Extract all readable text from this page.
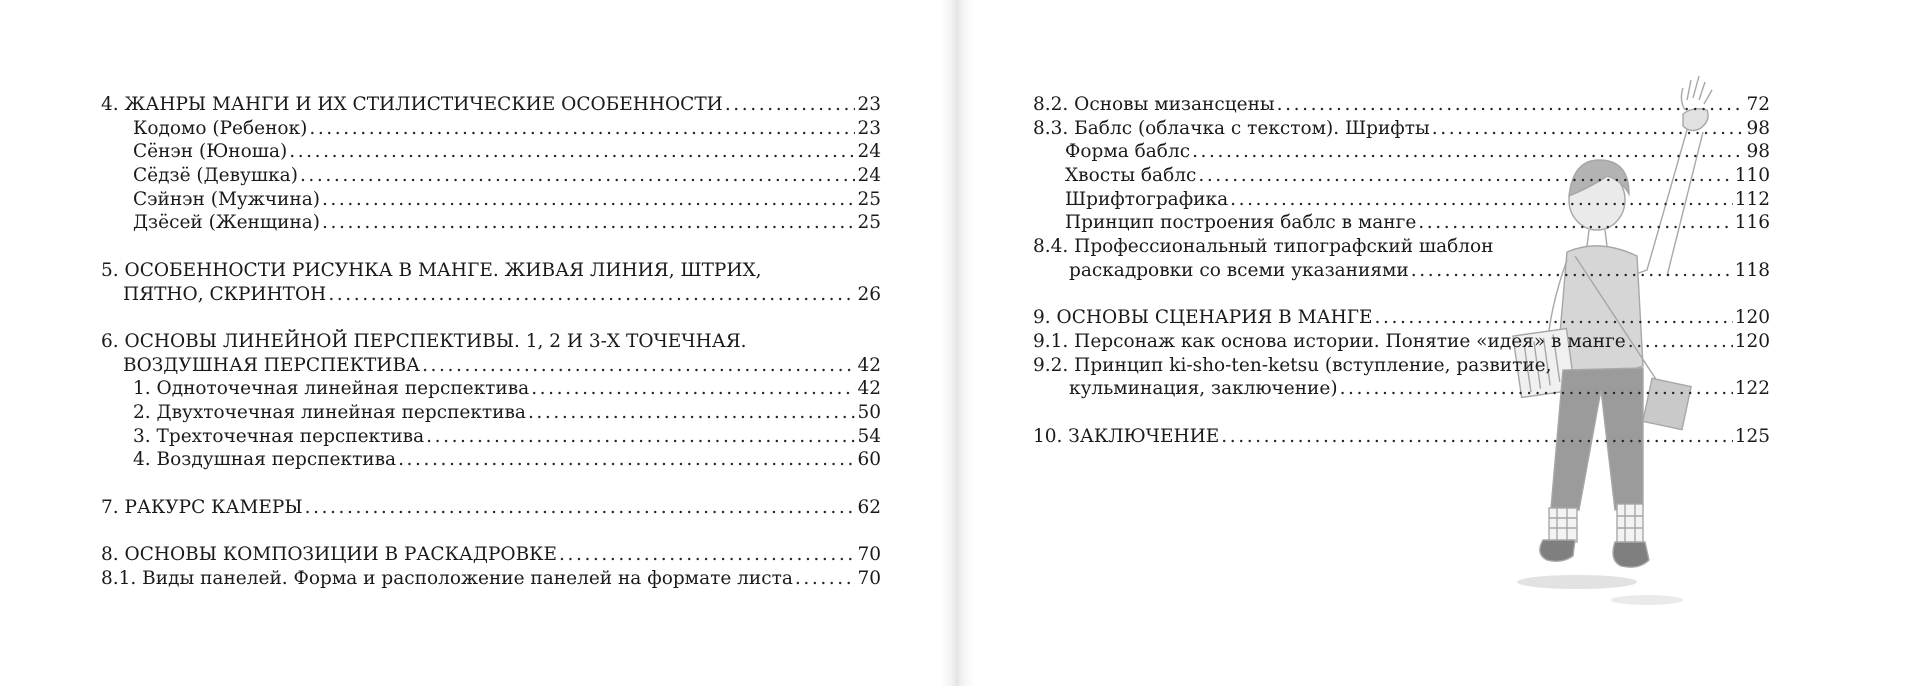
4. ЖАНРЫ МАНГИ И ИХ СТИЛИСТИЧЕСКИЕ ОСОБЕННОСТИ .....	23
Кодомо (Ребенок) .....	23
Сёнэн (Юноша) .....	24
Сёдзё (Девушка) .....	24
Сэйнэн (Мужчина) .....	25
Дзёсей (Женщина) .....	25
5. ОСОБЕННОСТИ РИСУНКА В МАНГЕ. ЖИВАЯ ЛИНИЯ, ШТРИХ,
ПЯТНО, СКРИНТОН .....	26
6. ОСНОВЫ ЛИНЕЙНОЙ ПЕРСПЕКТИВЫ. 1, 2 И 3-Х ТОЧЕЧНАЯ.
ВОЗДУШНАЯ ПЕРСПЕКТИВА .....	42
1. Одноточечная линейная перспектива .....	42
2. Двухточечная линейная перспектива .....	50
3. Трехточечная перспектива .....	54
4. Воздушная перспектива .....	60
7. РАКУРС КАМЕРЫ .....	62
8. ОСНОВЫ КОМПОЗИЦИИ В РАСКАДРОВКЕ .....	70
8.1. Виды панелей. Форма и расположение панелей на формате листа .....	70
8.2. Основы мизансцены .....	72
8.3. Баблс (облачка с текстом). Шрифты .....	98
Форма баблс .....	98
Хвосты баблс .....	110
Шрифтографика .....	112
Принцип построения баблс в манге .....	116
8.4. Профессиональный типографский шаблон
раскадровки со всеми указаниями .....	118
9. ОСНОВЫ СЦЕНАРИЯ В МАНГЕ .....	120
9.1. Персонаж как основа истории. Понятие «идея» в манге .....	120
9.2. Принцип ki-sho-ten-ketsu (вступление, развитие,
кульминация, заключение) .....	122
10. ЗАКЛЮЧЕНИЕ .....	125
